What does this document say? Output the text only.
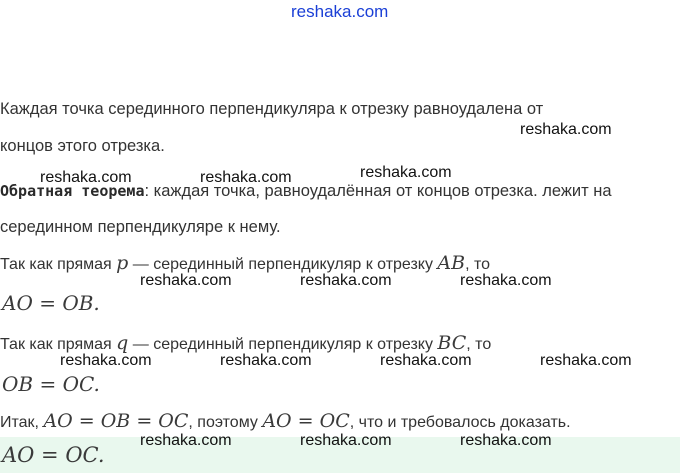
reshaka.com
Каждая точка серединного перпендикуляра к отрезку равноудалена от
reshaka.com
концов этого отрезка.
reshaka.com
reshaka.com	reshaka.com
Обратная теорема: каждая точка, равноудалённая от концов отрезка. лежит на
серединном перпендикуляре к нему.
Так как прямая p — серединный перпендикуляр к отрезку AB, то
reshaka.com	reshaka.com	reshaka.com
AO = OB.
Так как прямая q — серединный перпендикуляр к отрезку BC, то
reshaka.com	reshaka.com	reshaka.com	reshaka.com
OB = OC.
Итак, AO = OB = OC, поэтому AO = OC, что и требовалось доказать.
reshaka.com	reshaka.com	reshaka.com
AO = OC.
